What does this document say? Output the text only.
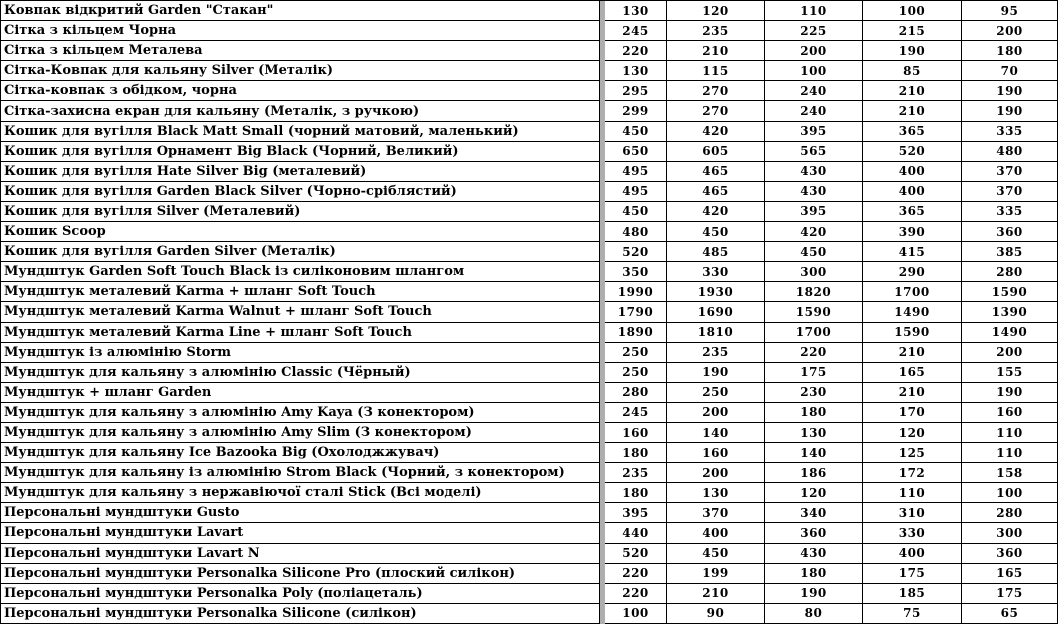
Ковпак відкритий Garden "Стакан"	130	120	110	100	95
Сітка з кільцем Чорна	245	235	225	215	200
Сітка з кільцем Металева	220	210	200	190	180
Сітка-Ковпак для кальяну Silver (Металік)	130	115	100	85	70
Сітка-ковпак з обідком, чорна	295	270	240	210	190
Сітка-захисна екран для кальяну (Металік, з ручкою)	299	270	240	210	190
Кошик для вугілля Black Matt Small (чорний матовий, маленький)	450	420	395	365	335
Кошик для вугілля Орнамент Big Black (Чорний, Великий)	650	605	565	520	480
Кошик для вугілля Hate Silver Big (металевий)	495	465	430	400	370
Кошик для вугілля Garden Black Silver (Чорно-сріблястий)	495	465	430	400	370
Кошик для вугілля Silver (Металевий)	450	420	395	365	335
Кошик Scoop	480	450	420	390	360
Кошик для вугілля Garden Silver (Металік)	520	485	450	415	385
Мундштук Garden Soft Touch Black із силіконовим шлангом	350	330	300	290	280
Мундштук металевий Karma + шланг Soft Touch	1990	1930	1820	1700	1590
Мундштук металевий Karma Walnut + шланг Soft Touch	1790	1690	1590	1490	1390
Мундштук металевий Karma Line + шланг Soft Touch	1890	1810	1700	1590	1490
Мундштук із алюмінію Storm	250	235	220	210	200
Мундштук для кальяну з алюмінію Classic (Чёрный)	250	190	175	165	155
Мундштук + шланг Garden	280	250	230	210	190
Мундштук для кальяну з алюмінію Amy Kaya (З конектором)	245	200	180	170	160
Мундштук для кальяну з алюмінію Amy Slim (З конектором)	160	140	130	120	110
Мундштук для кальяну Ice Bazooka Big (Охолоджжувач)	180	160	140	125	110
Мундштук для кальяну із алюмінію Strom Black (Чорний, з конектором)	235	200	186	172	158
Мундштук для кальяну з нержавіючої сталі Stick (Всі моделі)	180	130	120	110	100
Персональні мундштуки Gusto	395	370	340	310	280
Персональні мундштуки Lavart	440	400	360	330	300
Персональні мундштуки Lavart N	520	450	430	400	360
Персональні мундштуки Personalka Silicone Pro (плоский силікон)	220	199	180	175	165
Персональні мундштуки Personalka Poly (поліацеталь)	220	210	190	185	175
Персональні мундштуки Personalka Silicone (силікон)	100	90	80	75	65
